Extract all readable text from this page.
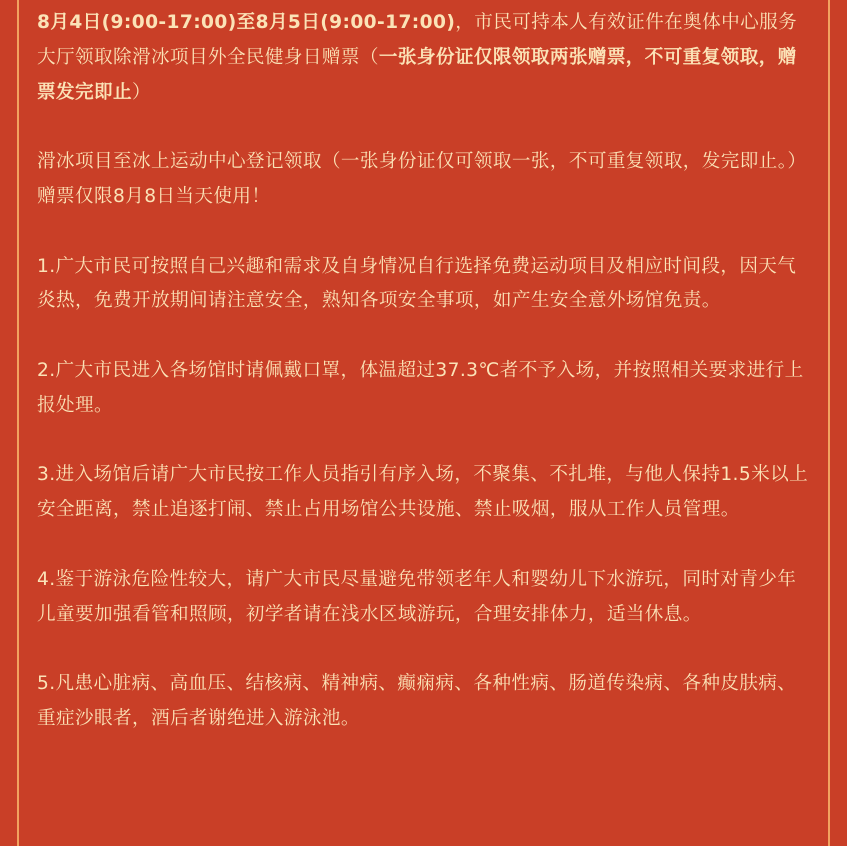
8月4日(9:00-17:00)至8月5日(9:00-17:00)，市民可持本人有效证件在奥体中心服务大厅领取除滑冰项目外全民健身日赠票（一张身份证仅限领取两张赠票，不可重复领取，赠票发完即止）

滑冰项目至冰上运动中心登记领取（一张身份证仅可领取一张，不可重复领取，发完即止。）赠票仅限8月8日当天使用！

1.广大市民可按照自己兴趣和需求及自身情况自行选择免费运动项目及相应时间段，因天气炎热，免费开放期间请注意安全，熟知各项安全事项，如产生安全意外场馆免责。

2.广大市民进入各场馆时请佩戴口罩，体温超过37.3℃者不予入场，并按照相关要求进行上报处理。

3.进入场馆后请广大市民按工作人员指引有序入场，不聚集、不扎堆，与他人保持1.5米以上安全距离，禁止追逐打闹、禁止占用场馆公共设施、禁止吸烟，服从工作人员管理。

4.鉴于游泳危险性较大，请广大市民尽量避免带领老年人和婴幼儿下水游玩，同时对青少年儿童要加强看管和照顾，初学者请在浅水区域游玩，合理安排体力，适当休息。

5.凡患心脏病、高血压、结核病、精神病、癫痫病、各种性病、肠道传染病、各种皮肤病、重症沙眼者，酒后者谢绝进入游泳池。
